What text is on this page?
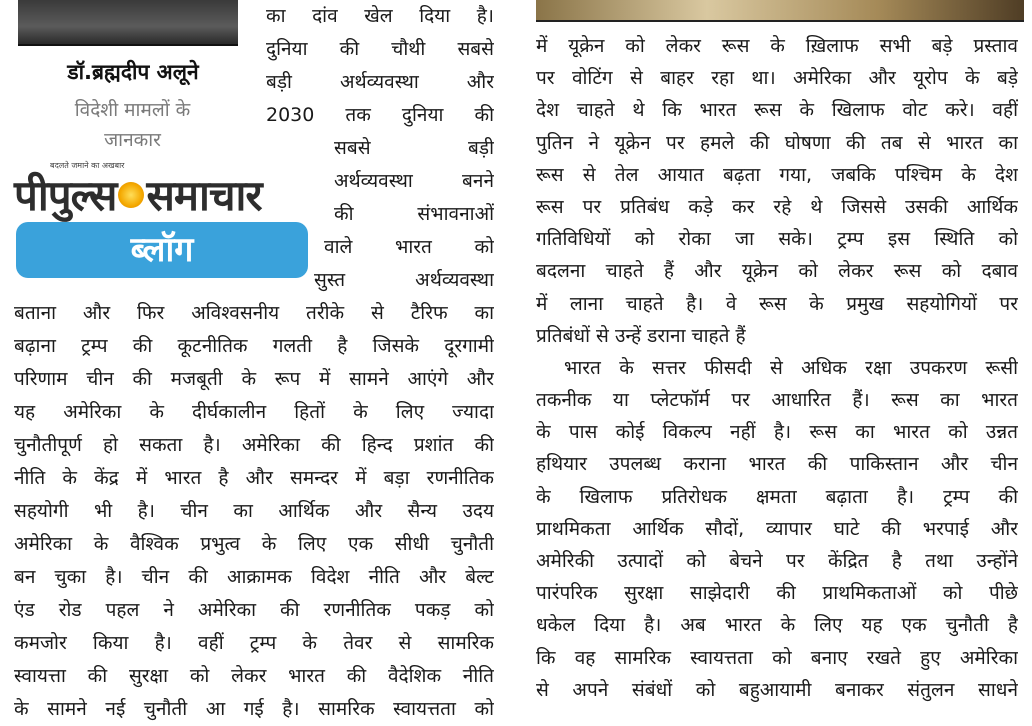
डॉ.ब्रह्मदीप अलूने
विदेशी मामलों के
जानकार
बदलते जमाने का अखबार
पीपुल्स समाचार
ब्लॉग
का दांव खेल दिया है।
दुनिया की चौथी सबसे
बड़ी अर्थव्यवस्था और
2030 तक दुनिया की
सबसे बड़ी
अर्थव्यवस्था बनने
की संभावनाओं
वाले भारत को
सुस्त अर्थव्यवस्था
बताना और फिर अविश्वसनीय तरीके से टैरिफ का
बढ़ाना ट्रम्प की कूटनीतिक गलती है जिसके दूरगामी
परिणाम चीन की मजबूती के रूप में सामने आएंगे और
यह अमेरिका के दीर्घकालीन हितों के लिए ज्यादा
चुनौतीपूर्ण हो सकता है। अमेरिका की हिन्द प्रशांत की
नीति के केंद्र में भारत है और समन्दर में बड़ा रणनीतिक
सहयोगी भी है। चीन का आर्थिक और सैन्य उदय
अमेरिका के वैश्विक प्रभुत्व के लिए एक सीधी चुनौती
बन चुका है। चीन की आक्रामक विदेश नीति और बेल्ट
एंड रोड पहल ने अमेरिका की रणनीतिक पकड़ को
कमजोर किया है। वहीं ट्रम्प के तेवर से सामरिक
स्वायत्ता की सुरक्षा को लेकर भारत की वैदेशिक नीति
के सामने नई चुनौती आ गई है। सामरिक स्वायत्तता को
में यूक्रेन को लेकर रूस के ख़िलाफ सभी बड़े प्रस्ताव
पर वोटिंग से बाहर रहा था। अमेरिका और यूरोप के बड़े
देश चाहते थे कि भारत रूस के खिलाफ वोट करे। वहीं
पुतिन ने यूक्रेन पर हमले की घोषणा की तब से भारत का
रूस से तेल आयात बढ़ता गया, जबकि पश्चिम के देश
रूस पर प्रतिबंध कड़े कर रहे थे जिससे उसकी आर्थिक
गतिविधियों को रोका जा सके। ट्रम्प इस स्थिति को
बदलना चाहते हैं और यूक्रेन को लेकर रूस को दबाव
में लाना चाहते है। वे रूस के प्रमुख सहयोगियों पर
प्रतिबंधों से उन्हें डराना चाहते हैं
भारत के सत्तर फीसदी से अधिक रक्षा उपकरण रूसी
तकनीक या प्लेटफॉर्म पर आधारित हैं। रूस का भारत
के पास कोई विकल्प नहीं है। रूस का भारत को उन्नत
हथियार उपलब्ध कराना भारत की पाकिस्तान और चीन
के खिलाफ प्रतिरोधक क्षमता बढ़ाता है। ट्रम्प की
प्राथमिकता आर्थिक सौदों, व्यापार घाटे की भरपाई और
अमेरिकी उत्पादों को बेचने पर केंद्रित है तथा उन्होंने
पारंपरिक सुरक्षा साझेदारी की प्राथमिकताओं को पीछे
धकेल दिया है। अब भारत के लिए यह एक चुनौती है
कि वह सामरिक स्वायत्तता को बनाए रखते हुए अमेरिका
से अपने संबंधों को बहुआयामी बनाकर संतुलन साधने
